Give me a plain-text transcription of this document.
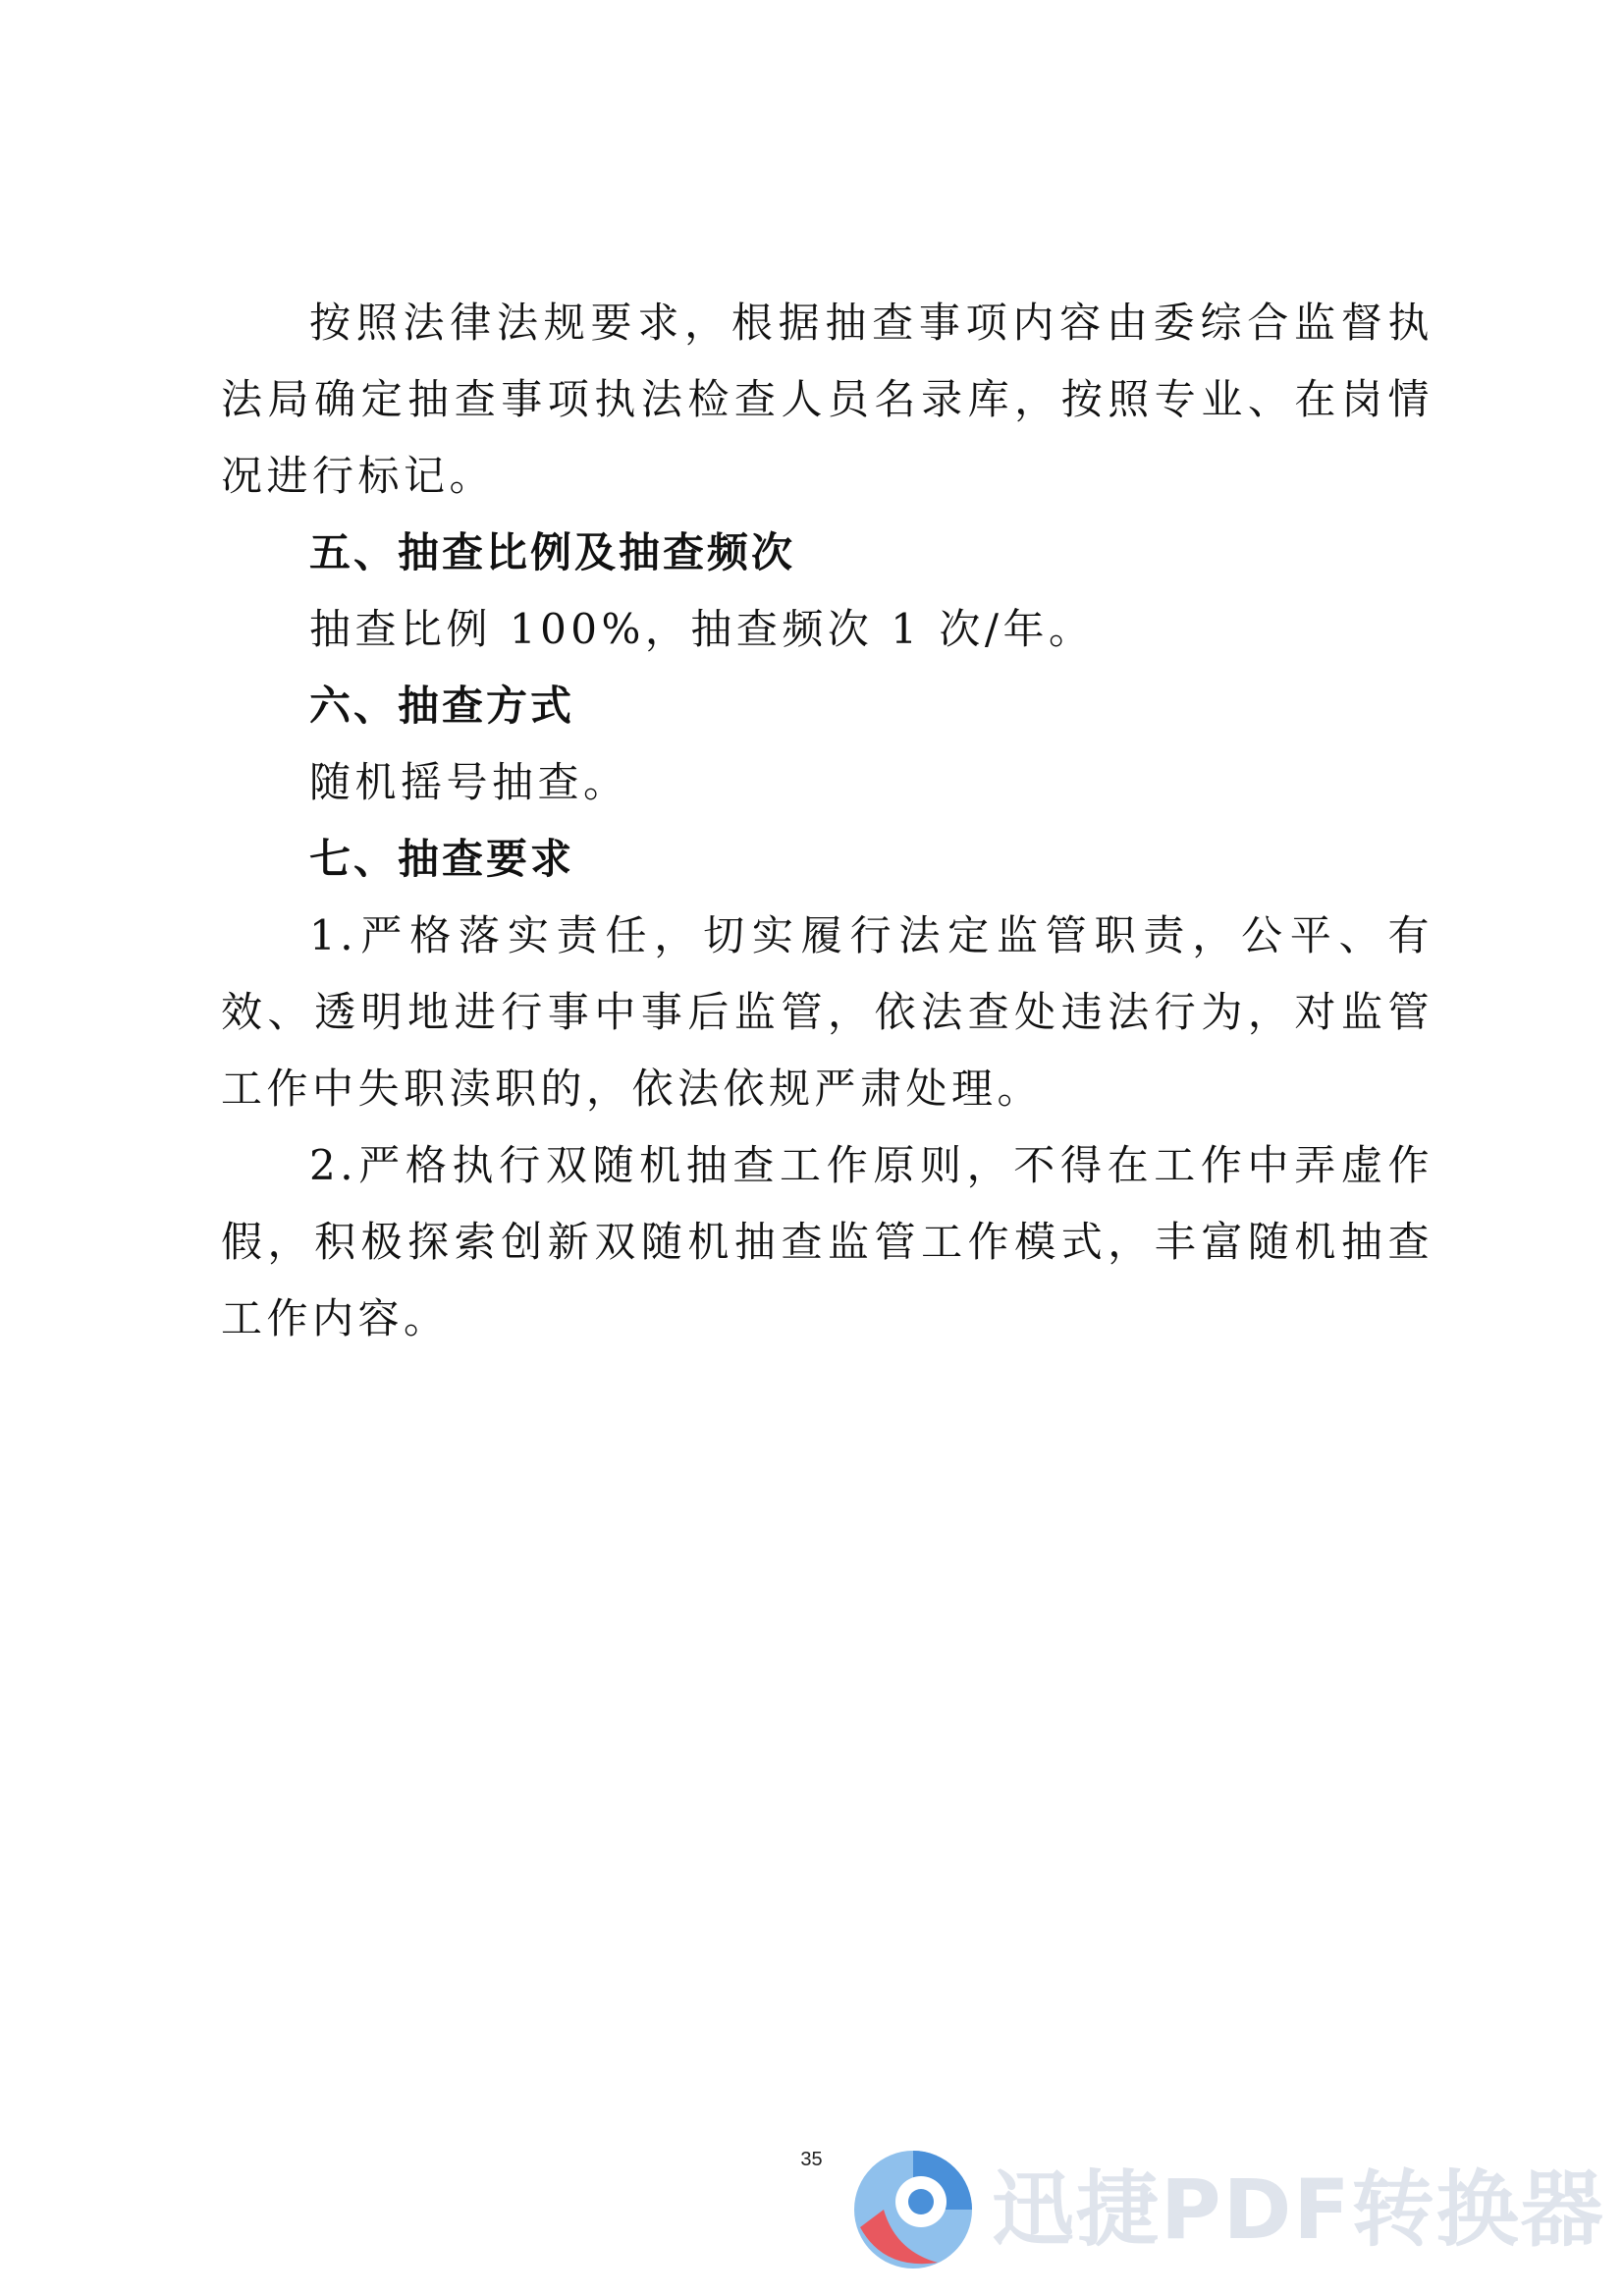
按照法律法规要求，根据抽查事项内容由委综合监督执法局确定抽查事项执法检查人员名录库，按照专业、在岗情况进行标记。

五、抽查比例及抽查频次

抽查比例 100%，抽查频次 1 次/年。

六、抽查方式

随机摇号抽查。

七、抽查要求

1.严格落实责任，切实履行法定监管职责，公平、有效、透明地进行事中事后监管，依法查处违法行为，对监管工作中失职渎职的，依法依规严肃处理。

2.严格执行双随机抽查工作原则，不得在工作中弄虚作假，积极探索创新双随机抽查监管工作模式，丰富随机抽查工作内容。

35
迅捷PDF转换器
